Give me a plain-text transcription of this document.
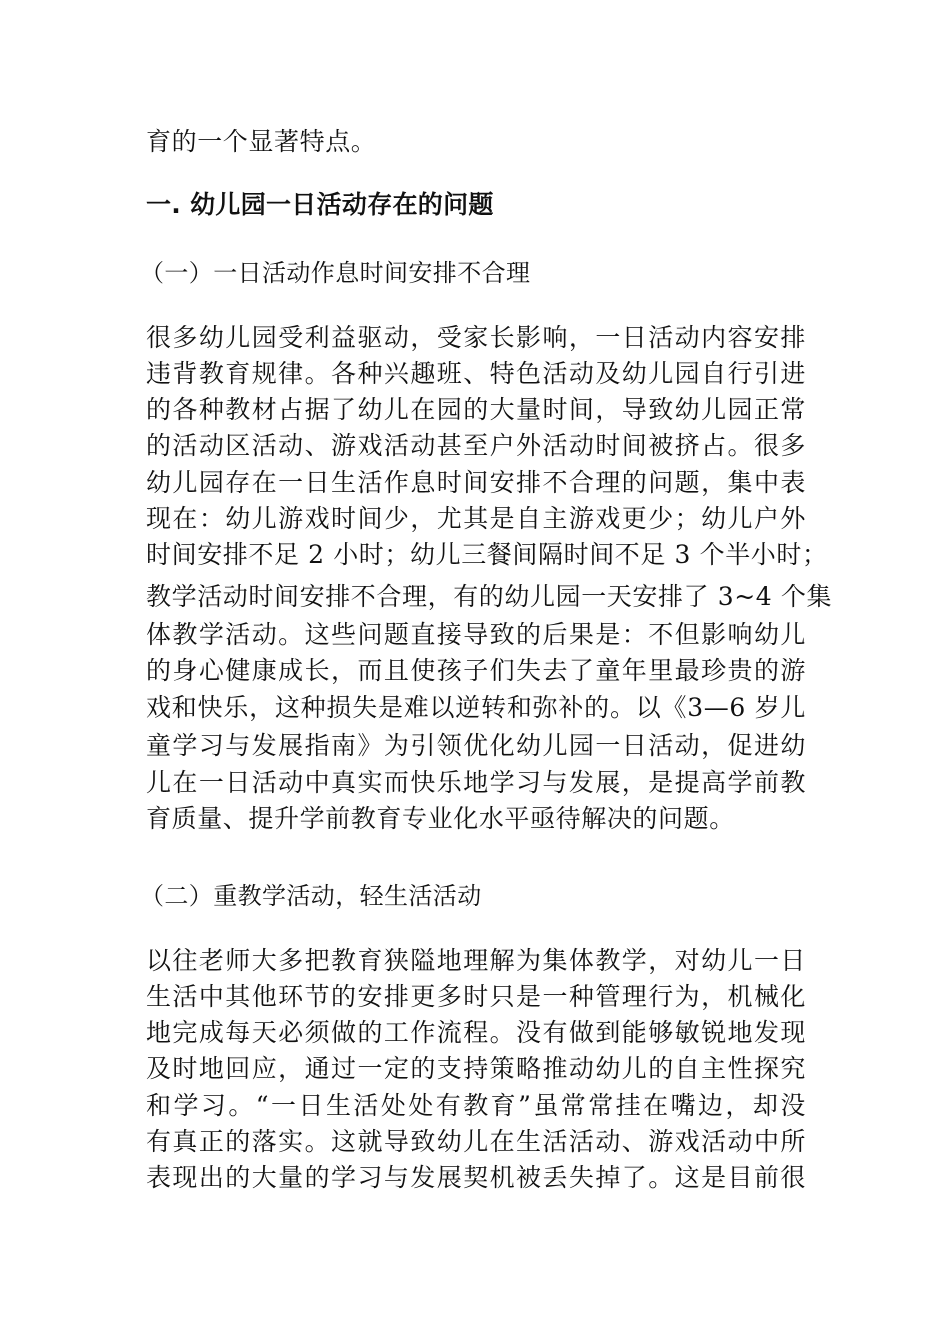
育的一个显著特点。
一. 幼儿园一日活动存在的问题
（一）一日活动作息时间安排不合理
很多幼儿园受利益驱动，受家长影响，一日活动内容安排
违背教育规律。各种兴趣班、特色活动及幼儿园自行引进
的各种教材占据了幼儿在园的大量时间，导致幼儿园正常
的活动区活动、游戏活动甚至户外活动时间被挤占。很多
幼儿园存在一日生活作息时间安排不合理的问题，集中表
现在：幼儿游戏时间少，尤其是自主游戏更少；幼儿户外
时间安排不足 2 小时；幼儿三餐间隔时间不足 3 个半小时；
教学活动时间安排不合理，有的幼儿园一天安排了 3~4 个集
体教学活动。这些问题直接导致的后果是：不但影响幼儿
的身心健康成长，而且使孩子们失去了童年里最珍贵的游
戏和快乐，这种损失是难以逆转和弥补的。以《3—6 岁儿
童学习与发展指南》为引领优化幼儿园一日活动，促进幼
儿在一日活动中真实而快乐地学习与发展，是提高学前教
育质量、提升学前教育专业化水平亟待解决的问题。
（二）重教学活动，轻生活活动
以往老师大多把教育狭隘地理解为集体教学，对幼儿一日
生活中其他环节的安排更多时只是一种管理行为，机械化
地完成每天必须做的工作流程。没有做到能够敏锐地发现
及时地回应，通过一定的支持策略推动幼儿的自主性探究
和学习。“一日生活处处有教育”虽常常挂在嘴边，却没
有真正的落实。这就导致幼儿在生活活动、游戏活动中所
表现出的大量的学习与发展契机被丢失掉了。这是目前很
